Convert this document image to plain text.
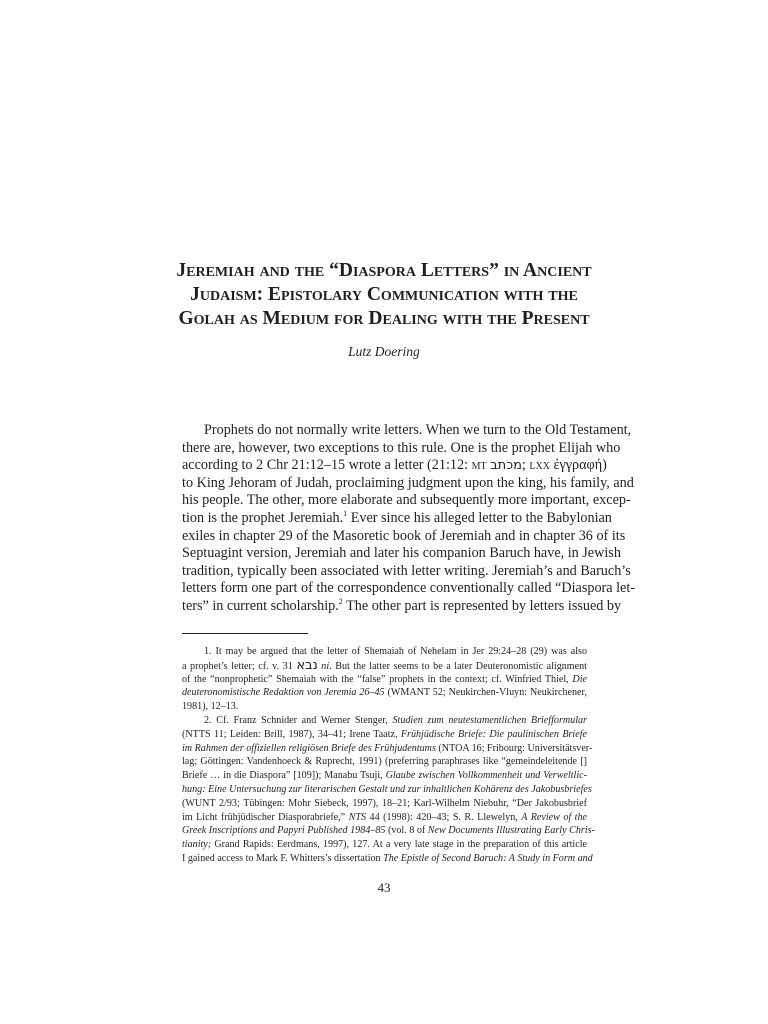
Jeremiah and the “Diaspora Letters” in Ancient
Judaism: Epistolary Communication with the
Golah as Medium for Dealing with the Present
Lutz Doering
Prophets do not normally write letters. When we turn to the Old Testament,
there are, however, two exceptions to this rule. One is the prophet Elijah who
according to 2 Chr 21:12–15 wrote a letter (21:12: mt מכתב; lxx ἐγγραφή)
to King Jehoram of Judah, proclaiming judgment upon the king, his family, and
his people. The other, more elaborate and subsequently more important, excep-
tion is the prophet Jeremiah.$^1$ Ever since his alleged letter to the Babylonian
exiles in chapter 29 of the Masoretic book of Jeremiah and in chapter 36 of its
Septuagint version, Jeremiah and later his companion Baruch have, in Jewish
tradition, typically been associated with letter writing. Jeremiah’s and Baruch’s
letters form one part of the correspondence conventionally called “Diaspora let-
ters” in current scholarship.$^2$ The other part is represented by letters issued by
1. It may be argued that the letter of Shemaiah of Nehelam in Jer 29:24–28 (29) was also
a prophet’s letter; cf. v. 31 נבא ni. But the latter seems to be a later Deuteronomistic alignment
of the “nonprophetic” Shemaiah with the “false” prophets in the context; cf. Winfried Thiel, Die
deuteronomistische Redaktion von Jeremia 26–45 (WMANT 52; Neukirchen-Vluyn: Neukirchener,
1981), 12–13.
2. Cf. Franz Schnider and Werner Stenger, Studien zum neutestamentlichen Briefformular
(NTTS 11; Leiden: Brill, 1987), 34–41; Irene Taatz, Frühjüdische Briefe: Die paulinischen Briefe
im Rahmen der offiziellen religiösen Briefe des Frühjudentums (NTOA 16; Fribourg: Universitätsver-
lag; Göttingen: Vandenhoeck & Ruprecht, 1991) (preferring paraphrases like “gemeindeleitende []
Briefe … in die Diaspora” [109]); Manabu Tsuji, Glaube zwischen Vollkommenheit und Verweltlic-
hung: Eine Untersuchung zur literarischen Gestalt und zur inhaltlichen Kohärenz des Jakobusbriefes
(WUNT 2/93; Tübingen: Mohr Siebeck, 1997), 18–21; Karl-Wilhelm Niebuhr, “Der Jakobusbrief
im Licht frühjüdischer Diasporabriefe,” NTS 44 (1998): 420–43; S. R. Llewelyn, A Review of the
Greek Inscriptions and Papyri Published 1984–85 (vol. 8 of New Documents Illustrating Early Chris-
tianity; Grand Rapids: Eerdmans, 1997), 127. At a very late stage in the preparation of this article
I gained access to Mark F. Whitters’s dissertation The Epistle of Second Baruch: A Study in Form and
43
